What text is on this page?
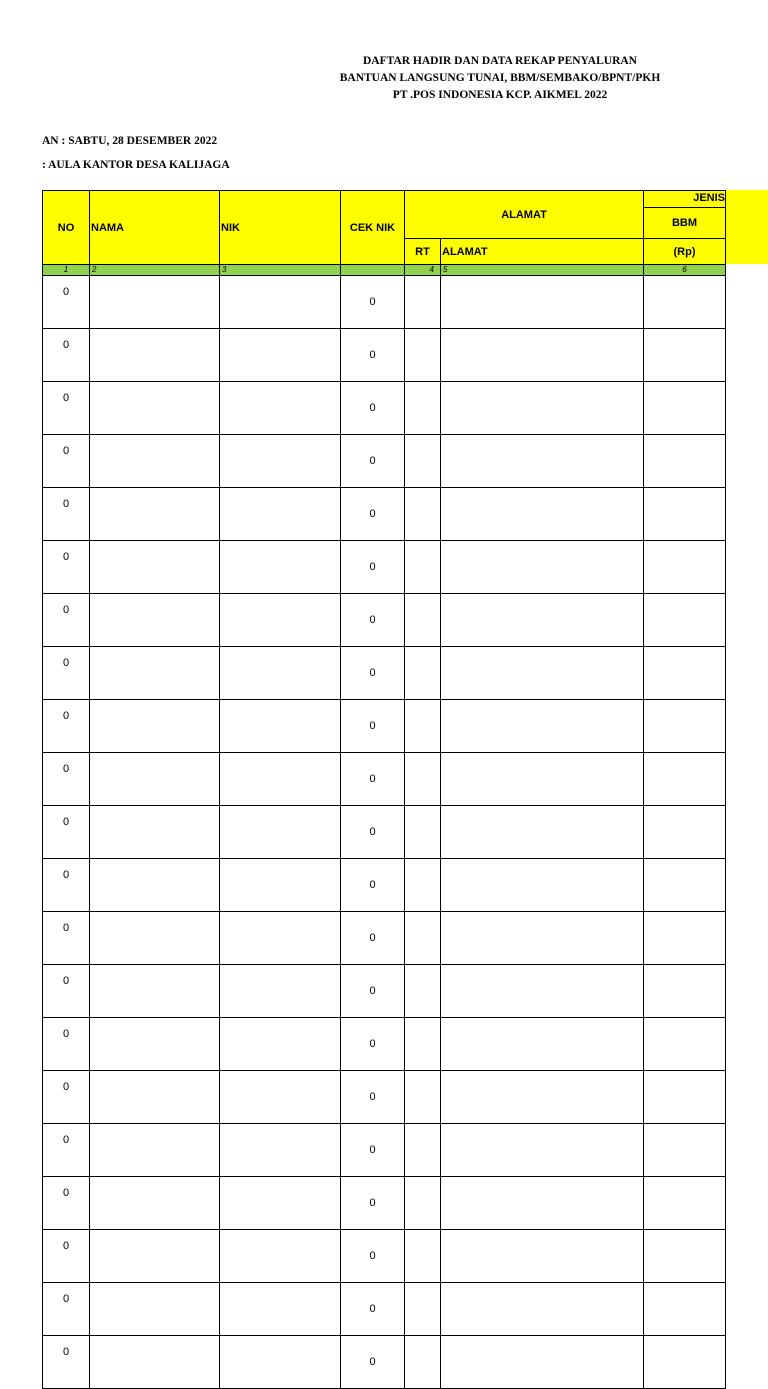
DAFTAR HADIR DAN DATA REKAP PENYALURAN
BANTUAN LANGSUNG TUNAI, BBM/SEMBAKO/BPNT/PKH
PT .POS INDONESIA KCP. AIKMEL 2022
AN : SABTU, 28 DESEMBER 2022
: AULA KANTOR DESA KALIJAGA
NO	NAMA	NIK	CEK NIK	ALAMAT		JENIS
BBM

				RT	ALAMAT	(Rp)
1	2	3		4	5	6
0			0			
0			0			
0			0			
0			0			
0			0			
0			0			
0			0			
0			0			
0			0			
0			0			
0			0			
0			0			
0			0			
0			0			
0			0			
0			0			
0			0			
0			0			
0			0			
0			0			
0			0			
